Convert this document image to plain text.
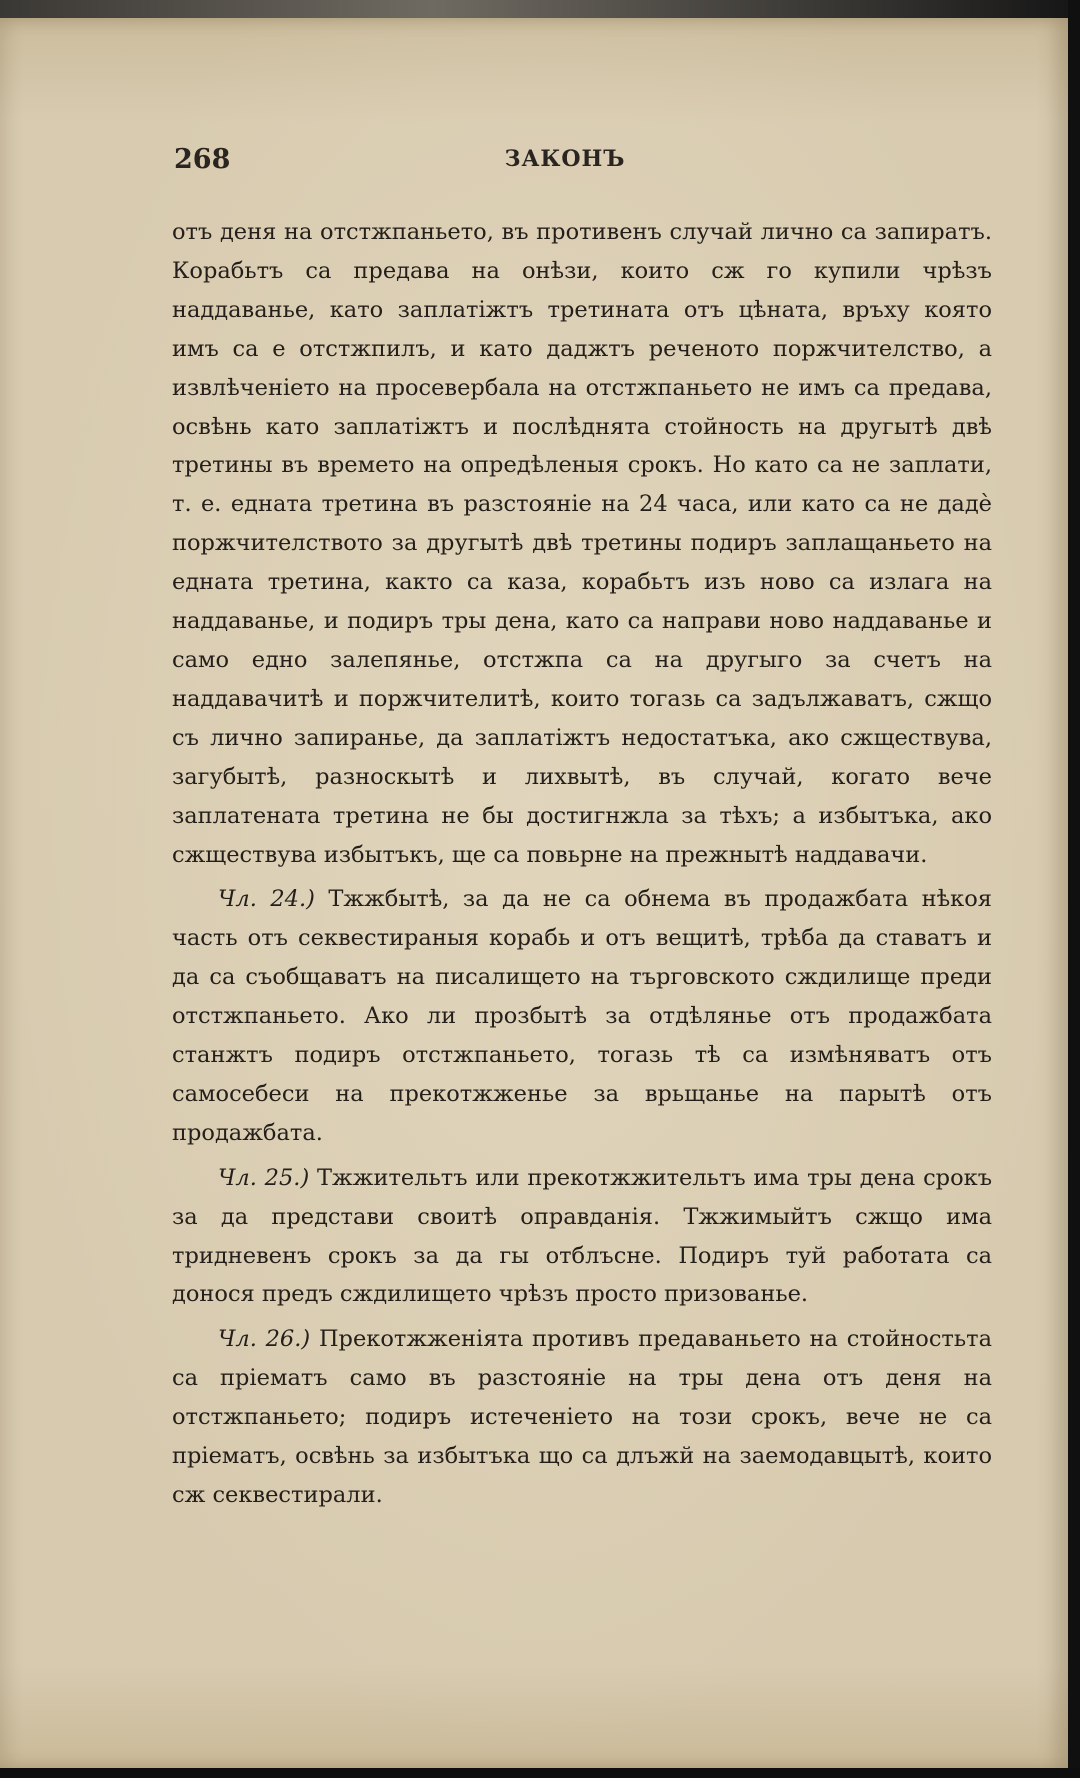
268	ЗАКОНЪ

отъ деня на отстжпаньето, въ противенъ случай лично са запиратъ. Корабьтъ са предава на онѣзи, които сж го купили чрѣзъ наддаванье, като заплатіжтъ третината отъ цѣната, връху която имъ са е отстжпилъ, и като даджтъ реченото поржчителство, а извлѣченіето на просевербала на отстжпаньето не имъ са предава, освѣнь като заплатіжтъ и послѣднята стойность на другытѣ двѣ третины въ времето на опредѣленыя срокъ. Но като са не заплати, т. е. едната третина въ разстояніе на 24 часа, или като са не дадѐ поржчителството за другытѣ двѣ третины подиръ заплащаньето на едната третина, както са каза, корабьтъ изъ ново са излага на наддаванье, и подиръ тры дена, като са направи ново наддаванье и само едно залепянье, отстжпа са на другыго за счетъ на наддавачитѣ и поржчителитѣ, които тогазь са задължаватъ, сжщо съ лично запиранье, да заплатіжтъ недостатъка, ако сжществува, загубытѣ, разноскытѣ и лихвытѣ, въ случай, когато вече заплатената третина не бы достигнжла за тѣхъ; а избытъка, ако сжществува избытъкъ, ще са повьрне на прежнытѣ наддавачи.

Чл. 24.) Тжжбытѣ, за да не са обнема въ продажбата нѣкоя часть отъ секвестираныя корабь и отъ вещитѣ, трѣба да ставатъ и да са съобщаватъ на писалището на търговското сждилище преди отстжпаньето. Ако ли прозбытѣ за отдѣлянье отъ продажбата станжтъ подиръ отстжпаньето, тогазь тѣ са измѣняватъ отъ самосебеси на прекотжженье за врьщанье на парытѣ отъ продажбата.

Чл. 25.) Тжжительтъ или прекотжжительтъ има тры дена срокъ за да представи своитѣ оправданія. Тжжимыйтъ сжщо има тридневенъ срокъ за да гы отблъсне. Подиръ туй работата са донося предъ сждилището чрѣзъ просто призованье.

Чл. 26.) Прекотжженіята противъ предаваньето на стойностьта са пріематъ само въ разстояніе на тры дена отъ деня на отстжпаньето; подиръ истеченіето на този срокъ, вече не са пріематъ, освѣнь за избытъка що са длъжй на заемодавцытѣ, които сж секвестирали.
